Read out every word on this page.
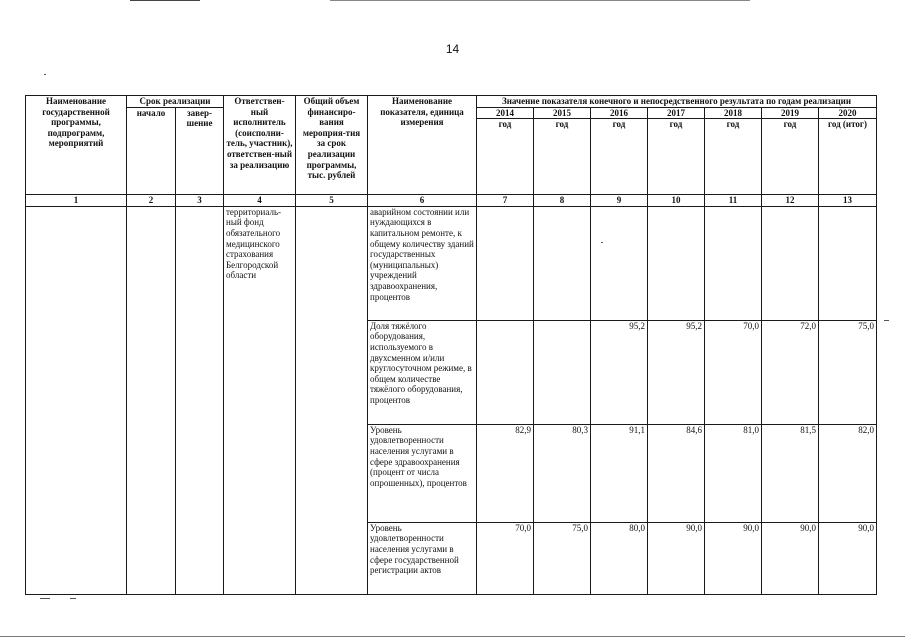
14
Наименование государственной программы, подпрограмм, мероприятий	Срок реализации		Ответствен-ный исполнитель (соисполни-тель, участник), ответствен-ный за реализацию	Общий объем финансиро-вания мероприя-тия за срок реализации программы, тыс. рублей	Наименование показателя, единица измерения	Значение показателя конечного и непосредственного результата по годам реализации						
	начало	завер-шение				2014	2015	2016	2017	2018	2019	2020
						год	год	год	год	год	год	год (итог)
1	2	3	4	5	6	7	8	9	10	11	12	13
			территориаль-ный фонд обязательного медицинского страхования Белгородской области		аварийном состоянии или нуждающихся в капитальном ремонте, к общему количеству зданий государственных (муниципальных) учреждений здравоохранения, процентов							
					Доля тяжёлого оборудования, используемого в двухсменном и/или круглосуточном режиме, в общем количестве тяжёлого оборудования, процентов			95,2	95,2	70,0	72,0	75,0
					Уровень удовлетворенности населения услугами в сфере здравоохранения (процент от числа опрошенных), процентов	82,9	80,3	91,1	84,6	81,0	81,5	82,0
					Уровень удовлетворенности населения услугами в сфере государственной регистрации актов	70,0	75,0	80,0	90,0	90,0	90,0	90,0
